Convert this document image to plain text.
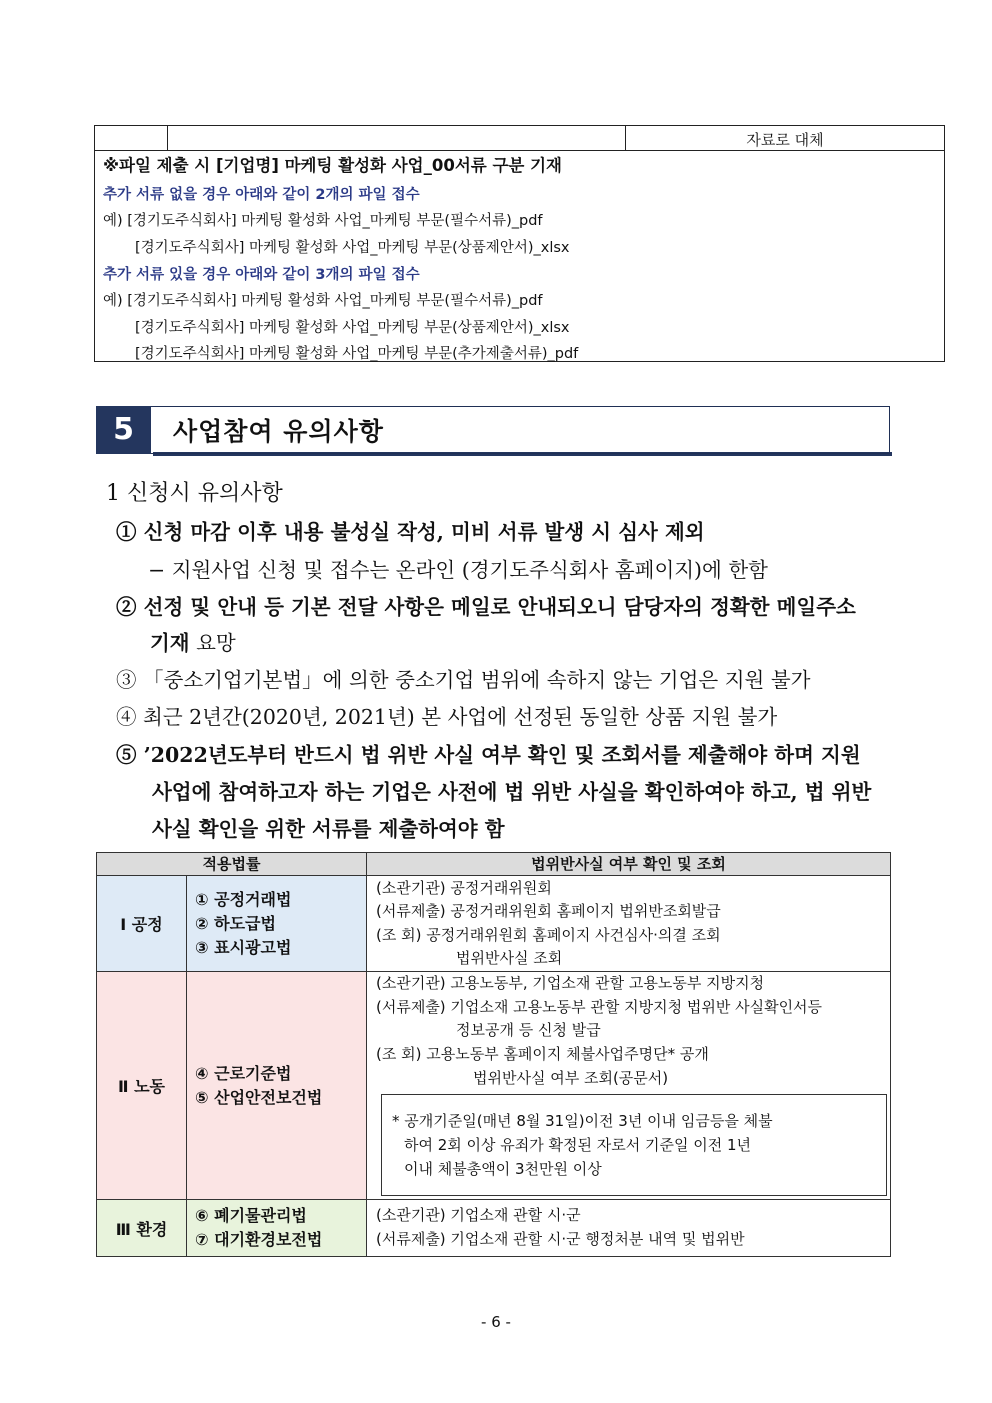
자료로 대체
※파일 제출 시 [기업명] 마케팅 활성화 사업_00서류 구분 기재
추가 서류 없을 경우 아래와 같이 2개의 파일 접수
예) [경기도주식회사] 마케팅 활성화 사업_마케팅 부문(필수서류)_pdf
[경기도주식회사] 마케팅 활성화 사업_마케팅 부문(상품제안서)_xlsx
추가 서류 있을 경우 아래와 같이 3개의 파일 접수
예) [경기도주식회사] 마케팅 활성화 사업_마케팅 부문(필수서류)_pdf
[경기도주식회사] 마케팅 활성화 사업_마케팅 부문(상품제안서)_xlsx
[경기도주식회사] 마케팅 활성화 사업_마케팅 부문(추가제출서류)_pdf
5	사업참여 유의사항
1 신청시 유의사항
① 신청 마감 이후 내용 불성실 작성, 미비 서류 발생 시 심사 제외
− 지원사업 신청 및 접수는 온라인 (경기도주식회사 홈페이지)에 한함
② 선정 및 안내 등 기본 전달 사항은 메일로 안내되오니 담당자의 정확한 메일주소
기재 요망
③ 「중소기업기본법」에 의한 중소기업 범위에 속하지 않는 기업은 지원 불가
④ 최근 2년간(2020년, 2021년) 본 사업에 선정된 동일한 상품 지원 불가
⑤ ’2022년도부터 반드시 법 위반 사실 여부 확인 및 조회서를 제출해야 하며 지원
사업에 참여하고자 하는 기업은 사전에 법 위반 사실을 확인하여야 하고, 법 위반
사실 확인을 위한 서류를 제출하여야 함
적용법률	법위반사실 여부 확인 및 조회
Ⅰ 공정
① 공정거래법
② 하도급법
③ 표시광고법
(소관기관) 공정거래위원회
(서류제출) 공정거래위원회 홈페이지 법위반조회발급
(조 회) 공정거래위원회 홈페이지 사건심사·의결 조회
법위반사실 조회
Ⅱ 노동
④ 근로기준법
⑤ 산업안전보건법
(소관기관) 고용노동부, 기업소재 관할 고용노동부 지방지청
(서류제출) 기업소재 고용노동부 관할 지방지청 법위반 사실확인서등
정보공개 등 신청 발급
(조 회) 고용노동부 홈페이지 체불사업주명단* 공개
법위반사실 여부 조회(공문서)
* 공개기준일(매년 8월 31일)이전 3년 이내 임금등을 체불
하여 2회 이상 유죄가 확정된 자로서 기준일 이전 1년
이내 체불총액이 3천만원 이상
Ⅲ 환경
⑥ 폐기물관리법
⑦ 대기환경보전법
(소관기관) 기업소재 관할 시·군
(서류제출) 기업소재 관할 시·군 행정처분 내역 및 법위반
- 6 -
